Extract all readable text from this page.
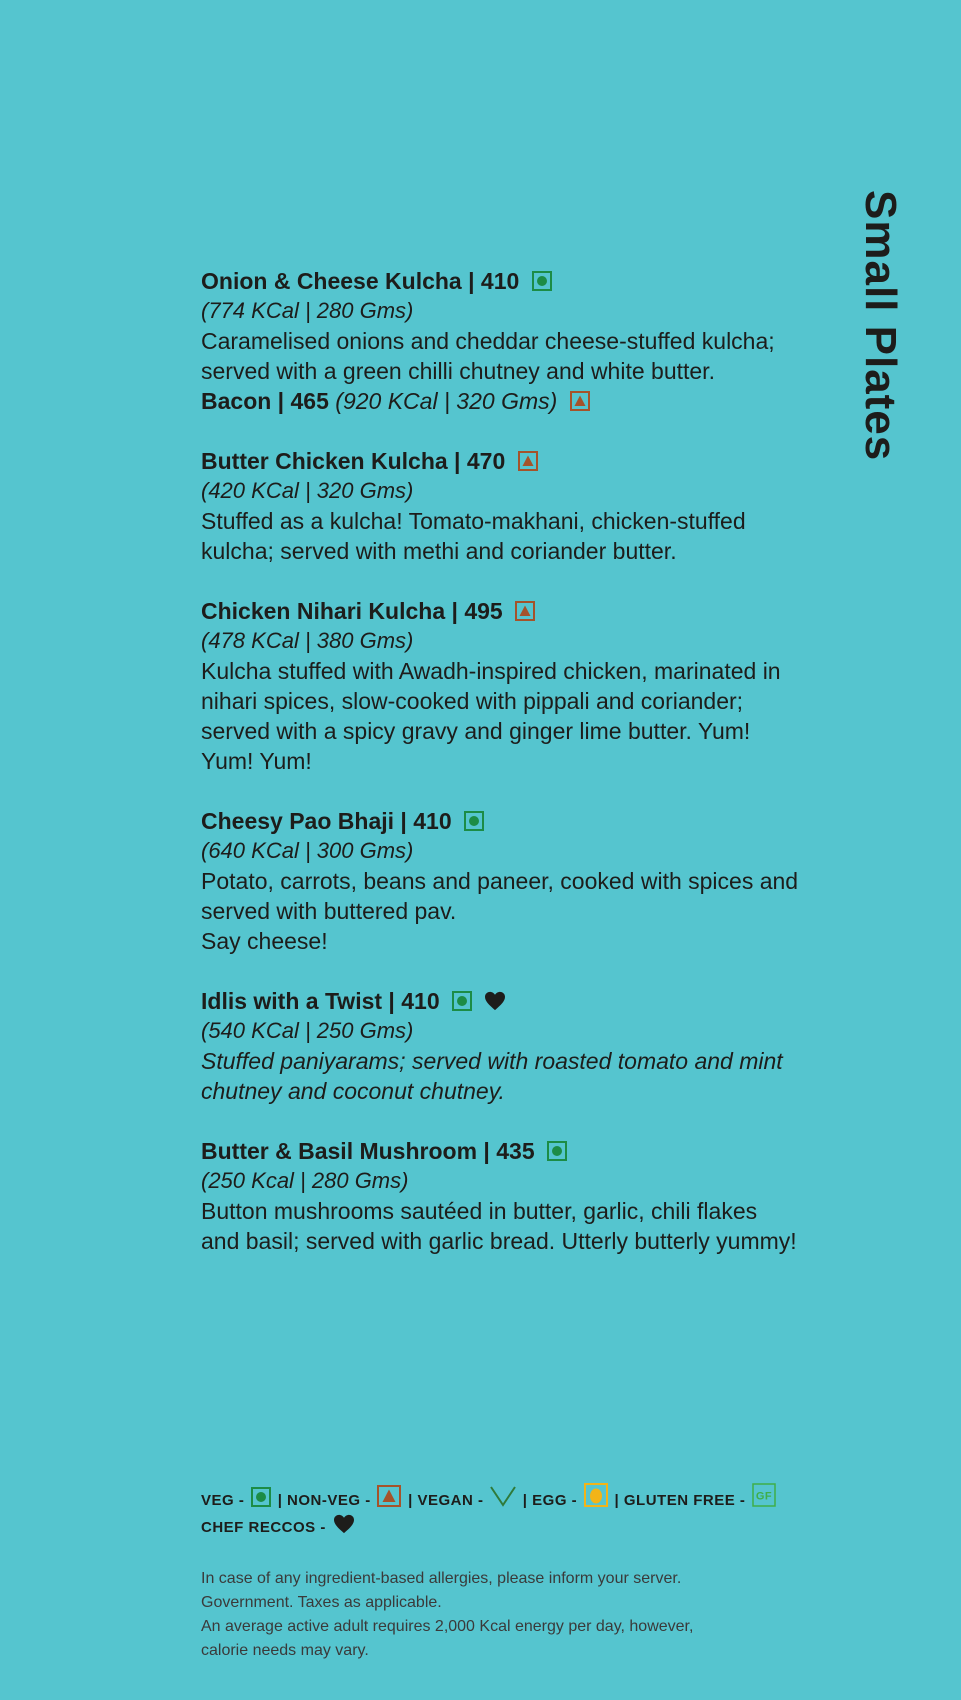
Small Plates
Onion & Cheese Kulcha | 410
(774 KCal | 280 Gms)
Caramelised onions and cheddar cheese-stuffed kulcha; served with a green chilli chutney and white butter.
Bacon | 465 (920 KCal | 320 Gms)
Butter Chicken Kulcha | 470
(420 KCal | 320 Gms)
Stuffed as a kulcha! Tomato-makhani, chicken-stuffed kulcha; served with methi and coriander butter.
Chicken Nihari Kulcha | 495
(478 KCal | 380 Gms)
Kulcha stuffed with Awadh-inspired chicken, marinated in nihari spices, slow-cooked with pippali and coriander; served with a spicy gravy and ginger lime butter. Yum! Yum! Yum!
Cheesy Pao Bhaji | 410
(640 KCal | 300 Gms)
Potato, carrots, beans and paneer, cooked with spices and served with buttered pav.
Say cheese!
Idlis with a Twist | 410

(540 KCal | 250 Gms)
Stuffed paniyarams; served with roasted tomato and mint chutney and coconut chutney.
Butter & Basil Mushroom | 435
(250 Kcal | 280 Gms)
Button mushrooms sautéed in butter, garlic, chili flakes and basil; served with garlic bread. Utterly butterly yummy!
VEG - | NON-VEG - | VEGAN -	| EGG - | GLUTEN FREE - GF
CHEF RECCOS -
In case of any ingredient-based allergies, please inform your server.
Government. Taxes as applicable.
An average active adult requires 2,000 Kcal energy per day, however,
calorie needs may vary.
